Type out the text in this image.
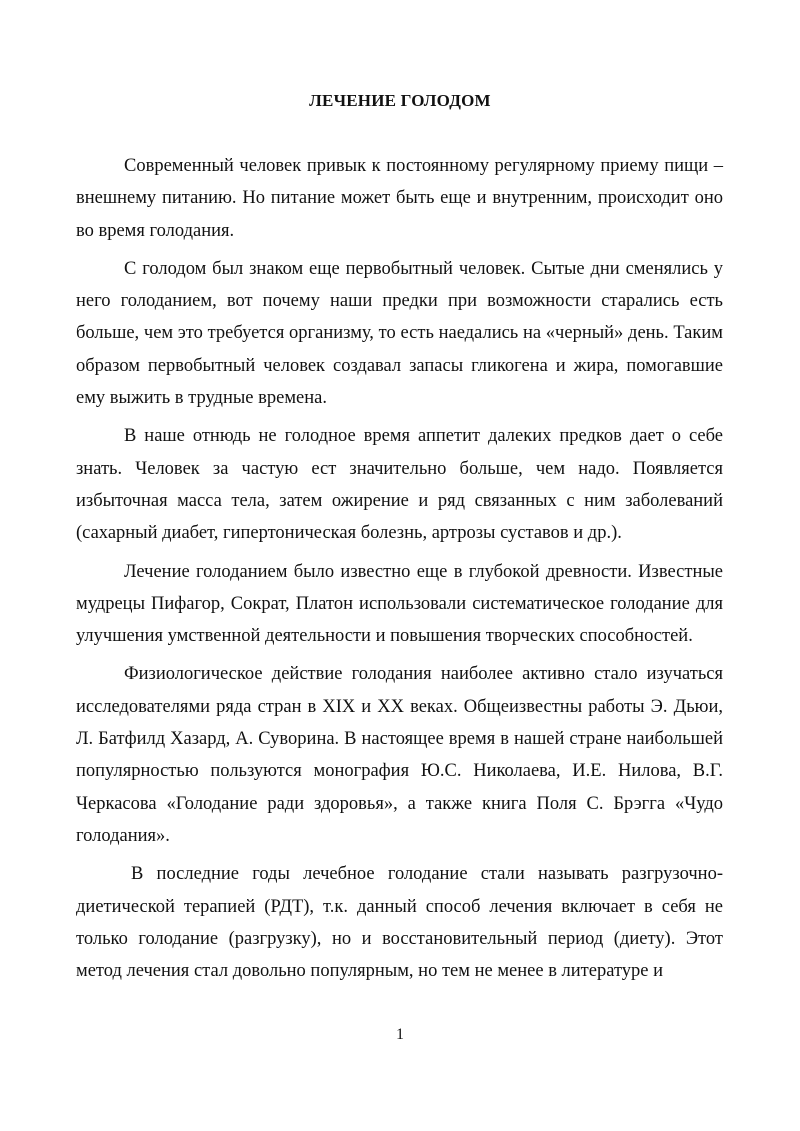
ЛЕЧЕНИЕ ГОЛОДОМ

Современный человек привык к постоянному регулярному приему пищи – внешнему питанию. Но питание может быть еще и внутренним, происходит оно во время голодания.

С голодом был знаком еще первобытный человек. Сытые дни сменялись у него голоданием, вот почему наши предки при возможности старались есть больше, чем это требуется организму, то есть наедались на «черный» день. Таким образом первобытный человек создавал запасы гликогена и жира, помогавшие ему выжить в трудные времена.

В наше отнюдь не голодное время аппетит далеких предков дает о себе знать. Человек за частую ест значительно больше, чем надо. Появляется избыточная масса тела, затем ожирение и ряд связанных с ним заболеваний (сахарный диабет, гипертоническая болезнь, артрозы суставов и др.).

Лечение голоданием было известно еще в глубокой древности. Известные мудрецы Пифагор, Сократ, Платон использовали систематическое голодание для улучшения умственной деятельности и повышения творческих способностей.

Физиологическое действие голодания наиболее активно стало изучаться исследователями ряда стран в XIX и XX веках. Общеизвестны работы Э. Дьюи, Л. Батфилд Хазард, А. Суворина. В настоящее время в нашей стране наибольшей популярностью пользуются монография Ю.С. Николаева, И.Е. Нилова, В.Г. Черкасова «Голодание ради здоровья», а также книга Поля С. Брэгга «Чудо голодания».

В последние годы лечебное голодание стали называть разгрузочно-диетической терапией (РДТ), т.к. данный способ лечения включает в себя не только голодание (разгрузку), но и восстановительный период (диету). Этот метод лечения стал довольно популярным, но тем не менее в литературе и

1
